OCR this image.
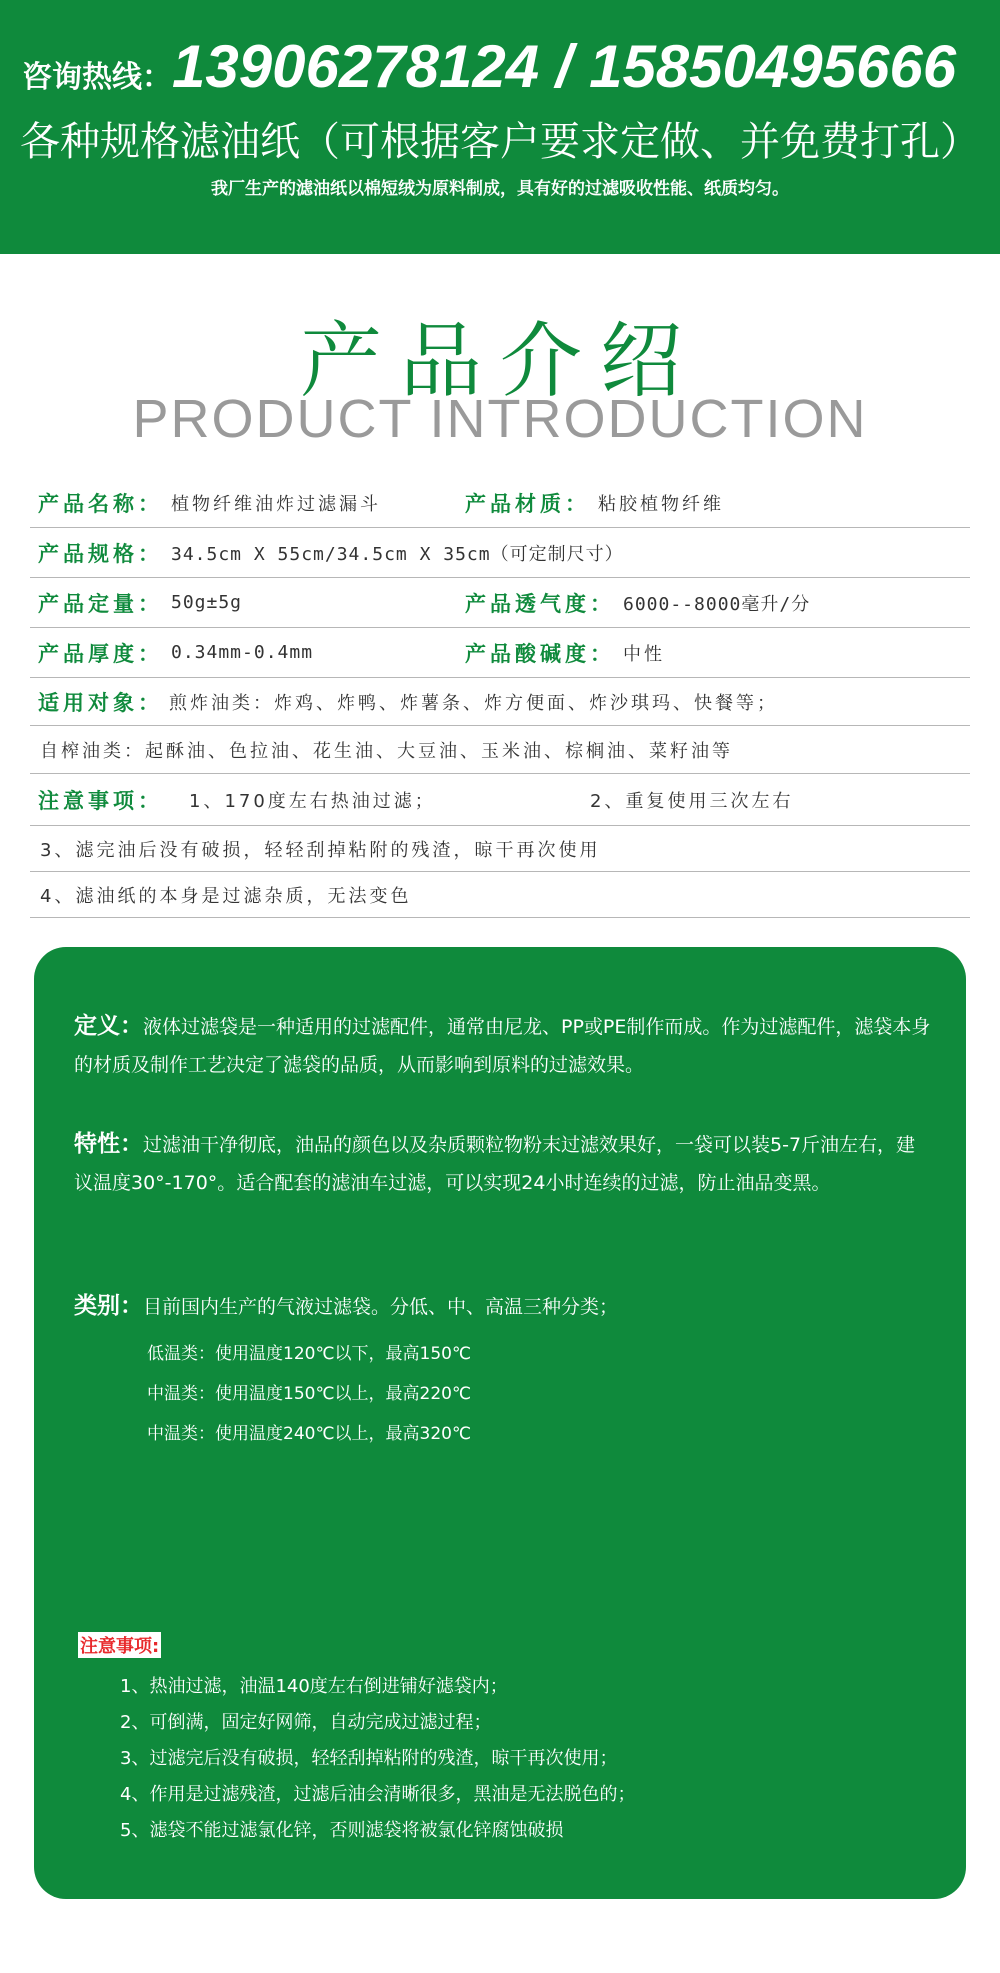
咨询热线： 13906278124 / 15850495666
各种规格滤油纸（可根据客户要求定做、并免费打孔）
我厂生产的滤油纸以棉短绒为原料制成，具有好的过滤吸收性能、纸质均匀。
产品介绍
PRODUCT INTRODUCTION
产品名称： 植物纤维油炸过滤漏斗	产品材质： 粘胶植物纤维
产品规格： 34.5cm X 55cm/34.5cm X 35cm（可定制尺寸）
产品定量： 50g±5g	产品透气度： 6000--8000毫升/分
产品厚度： 0.34mm-0.4mm	产品酸碱度： 中性
适用对象： 煎炸油类：炸鸡、炸鸭、炸薯条、炸方便面、炸沙琪玛、快餐等；
自榨油类：起酥油、色拉油、花生油、大豆油、玉米油、棕榈油、菜籽油等
注意事项： 1、170度左右热油过滤；	2、重复使用三次左右
3、滤完油后没有破损，轻轻刮掉粘附的残渣，晾干再次使用
4、滤油纸的本身是过滤杂质，无法变色
定义：液体过滤袋是一种适用的过滤配件，通常由尼龙、PP或PE制作而成。作为过滤配件，滤袋本身的材质及制作工艺决定了滤袋的品质，从而影响到原料的过滤效果。
特性：过滤油干净彻底，油品的颜色以及杂质颗粒物粉末过滤效果好，一袋可以装5-7斤油左右，建议温度30°-170°。适合配套的滤油车过滤，可以实现24小时连续的过滤，防止油品变黑。
类别：目前国内生产的气液过滤袋。分低、中、高温三种分类；
低温类：使用温度120℃以下，最高150℃
中温类：使用温度150℃以上，最高220℃
中温类：使用温度240℃以上，最高320℃
注意事项:
1、热油过滤，油温140度左右倒进铺好滤袋内；
2、可倒满，固定好网筛，自动完成过滤过程；
3、过滤完后没有破损，轻轻刮掉粘附的残渣，晾干再次使用；
4、作用是过滤残渣，过滤后油会清晰很多，黑油是无法脱色的；
5、滤袋不能过滤氯化锌，否则滤袋将被氯化锌腐蚀破损
